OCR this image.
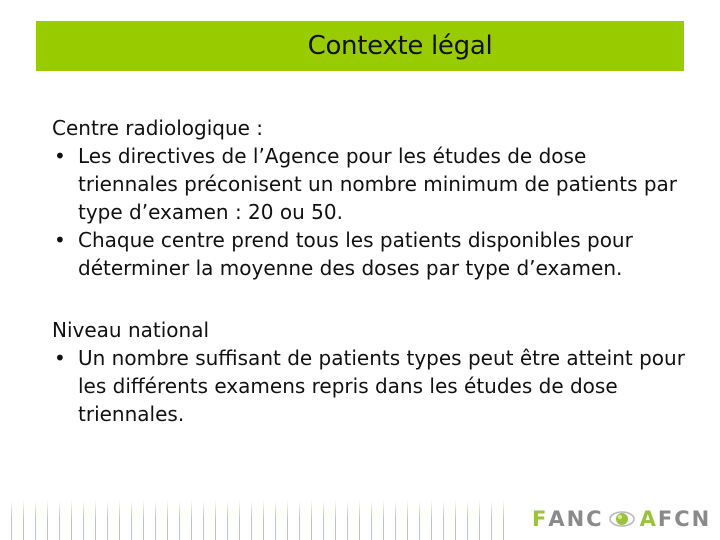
Contexte légal

Centre radiologique :

• Les directives de l’Agence pour les études de dose triennales préconisent un nombre minimum de patients par type d’examen : 20 ou 50.
• Chaque centre prend tous les patients disponibles pour déterminer la moyenne des doses par type d’examen.

Niveau national

• Un nombre suffisant de patients types peut être atteint pour les différents examens repris dans les études de dose triennales.
F ANC A FCN
